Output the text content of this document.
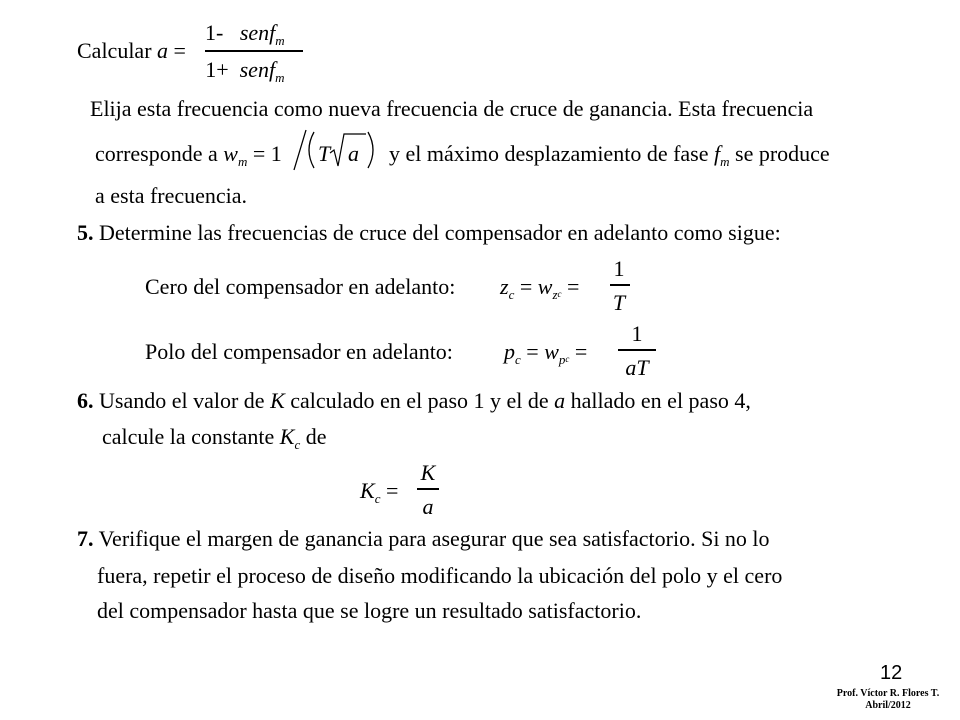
Calcular a =
1- senf$_m$
1+ senf$_m$
Elija esta frecuencia como nueva frecuencia de cruce de ganancia. Esta frecuencia
corresponde a $w_m = 1$ T a y el máximo desplazamiento de fase $f_m$ se produce
a esta frecuencia.
5. Determine las frecuencias de cruce del compensador en adelanto como sigue:
Cero del compensador en adelanto: $z_c = w_zc$ =
1
T
Polo del compensador en adelanto: $p_c = w_pc$ =
1
aT
6. Usando el valor de K calculado en el paso 1 y el de a hallado en el paso 4,
calcule la constante $K_c$ de
$K_c$ =
K
a
7. Verifique el margen de ganancia para asegurar que sea satisfactorio. Si no lo
fuera, repetir el proceso de diseño modificando la ubicación del polo y el cero
del compensador hasta que se logre un resultado satisfactorio.
12
Prof. Víctor R. Flores T.
Abril/2012
